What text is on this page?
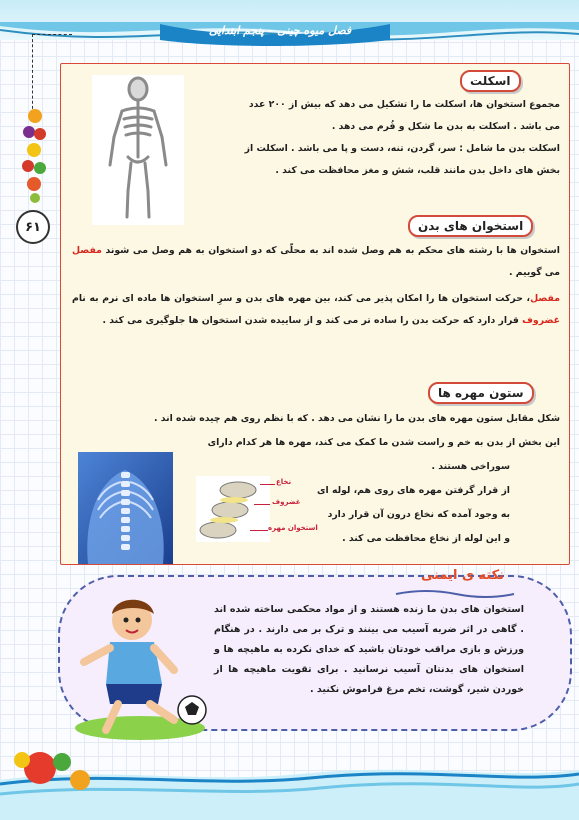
فصل میوه چینی – پنجم ابتدایی
۶۱
اسکلت
مجموع استخوان ها، اسکلت ما را تشکیل می دهد که بیش از ۲۰۰ عدد
می باشد . اسکلت به بدن ما شکل و فُرم می دهد .
اسکلت بدن ما شامل : سر، گردن، تنه، دست و پا می باشد . اسکلت از
بخش های داخل بدن مانند قلب، شش و مغز محافظت می کند .
استخوان های بدن
استخوان ها با رشته های محکم به هم وصل شده اند به محلّی که دو استخوان به هم وصل می شوند مفصل می گوییم .
مفصل، حرکت استخوان ها را امکان پذیر می کند، بین مهره های بدن و سرِ استخوان ها ماده ای نرم به نام غضروف قرار دارد که حرکت بدن را ساده تر می کند و از ساییده شدن استخوان ها جلوگیری می کند .
ستون مهره ها
شکل مقابل ستون مهره های بدن ما را نشان می دهد . که با نظم روی هم چیده شده اند .
این بخش از بدن به خم و راست شدن ما کمک می کند، مهره ها هر کدام دارای
سوراخی هستند .
از قرار گرفتن مهره های روی هم، لوله ای
به وجود آمده که نخاع درون آن قرار دارد
و این لوله از نخاع محافظت می کند .
نخاع
غضروف
استخوان مهره
نکته ی ایمنی
استخوان های بدن ما زنده هستند و از مواد محکمی ساخته شده اند . گاهی در اثر ضربه آسیب می بینند و ترک بر می دارند . در هنگام ورزش و بازی مراقب خودتان باشید که خدای نکرده به ماهیچه ها و استخوان های بدنتان آسیب نرسانید . برای تقویت ماهیچه ها از خوردن شیر، گوشت، تخم مرغ فراموش نکنید .
